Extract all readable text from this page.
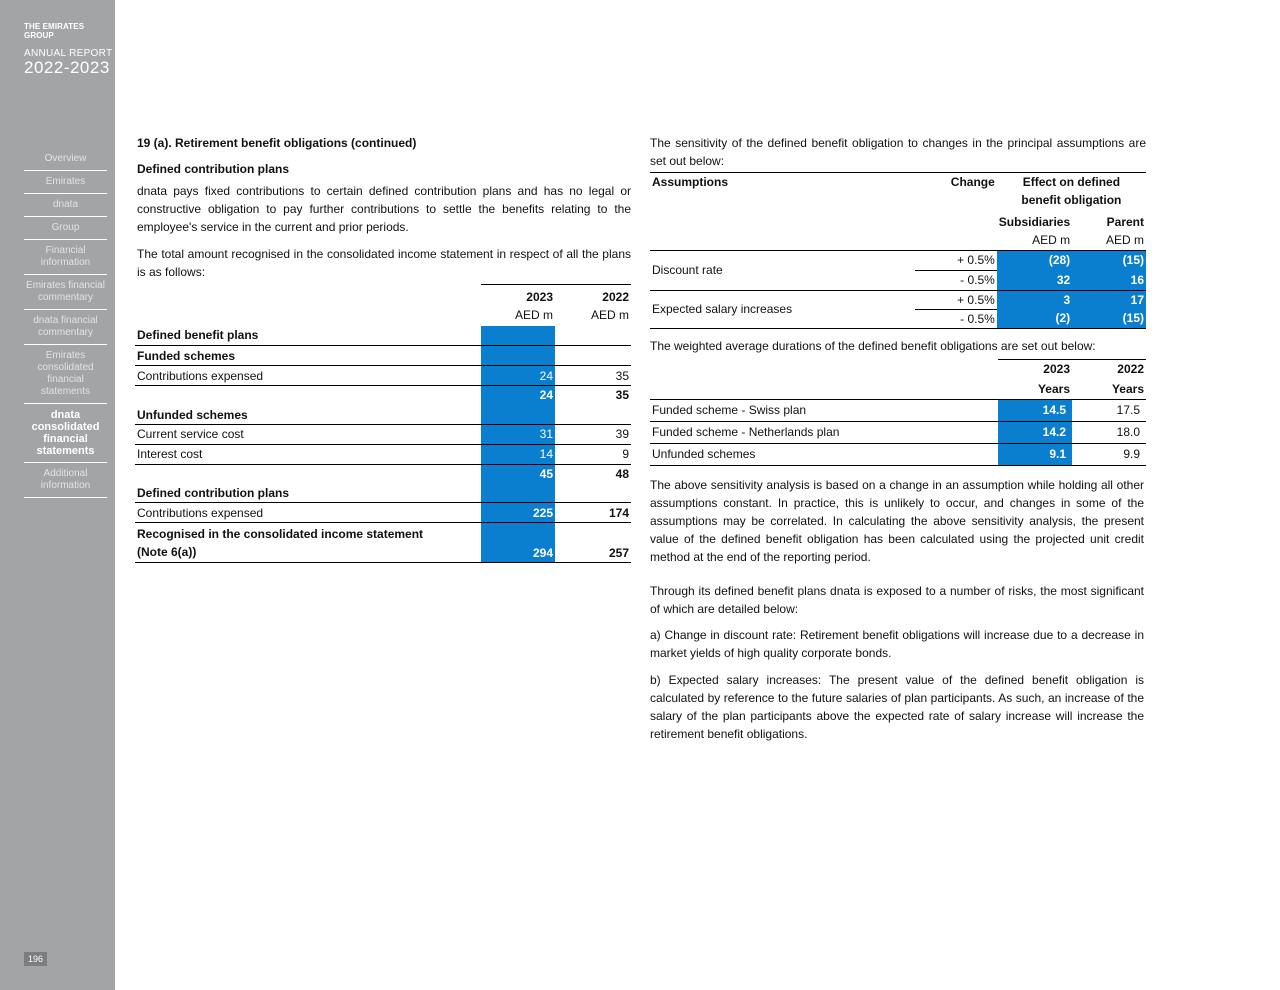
THE EMIRATES GROUP
ANNUAL REPORT
2022-2023
Overview
Emirates
dnata
Group
Financial information
Emirates financial commentary
dnata financial commentary
Emirates consolidated financial statements
dnata consolidated financial statements
Additional information
196
19 (a). Retirement benefit obligations (continued)
Defined contribution plans

dnata pays fixed contributions to certain defined contribution plans and has no legal or constructive obligation to pay further contributions to settle the benefits relating to the employee's service in the current and prior periods.

The total amount recognised in the consolidated income statement in respect of all the plans is as follows:

	2023	2022
	AED m	AED m
Defined benefit plans		
Funded schemes		
Contributions expensed	24	35
	24	35
Unfunded schemes		
Current service cost	31	39
Interest cost	14	9
	45	48
Defined contribution plans		
Contributions expensed	225	174

Recognised in the consolidated income statement
(Note 6(a))	294	257

The sensitivity of the defined benefit obligation to changes in the principal assumptions are set out below:

Assumptions	Change	Effect on defined	
		benefit obligation	
		Subsidiaries	Parent
		AED m	AED m
Discount rate	+ 0.5%	(28)	(15)
	- 0.5%	32	16
Expected salary increases	+ 0.5%	3	17
	- 0.5%	(2)	(15)

The weighted average durations of the defined benefit obligations are set out below:

	2023	2022
	Years	Years
Funded scheme - Swiss plan	14.5	17.5
Funded scheme - Netherlands plan	14.2	18.0
Unfunded schemes	9.1	9.9

The above sensitivity analysis is based on a change in an assumption while holding all other assumptions constant. In practice, this is unlikely to occur, and changes in some of the assumptions may be correlated. In calculating the above sensitivity analysis, the present value of the defined benefit obligation has been calculated using the projected unit credit method at the end of the reporting period.

Through its defined benefit plans dnata is exposed to a number of risks, the most significant of which are detailed below:

a) Change in discount rate: Retirement benefit obligations will increase due to a decrease in market yields of high quality corporate bonds.

b) Expected salary increases: The present value of the defined benefit obligation is calculated by reference to the future salaries of plan participants. As such, an increase of the salary of the plan participants above the expected rate of salary increase will increase the retirement benefit obligations.
